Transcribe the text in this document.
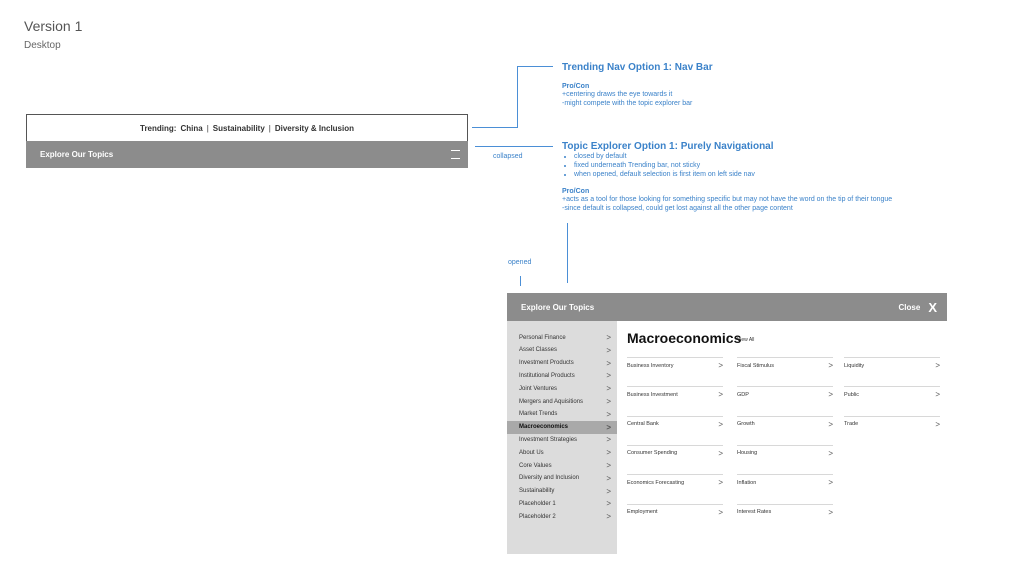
Version 1
Desktop
Trending: China | Sustainability | Diversity & Inclusion
Explore Our Topics	collapsed
opened
Trending Nav Option 1: Nav Bar
Pro/Con
+centering draws the eye towards it
-might compete with the topic explorer bar
Topic Explorer Option 1: Purely Navigational
• closed by default
• fixed underneath Trending bar, not sticky
• when opened, default selection is first item on left side nav
Pro/Con
+acts as a tool for those looking for something specific but may not have the word on the tip of their tongue
-since default is collapsed, could get lost against all the other page content
Explore Our Topics	Close X
Personal Finance	>
Asset Classes	>
Investment Products	>
Institutional Products	>
Joint Ventures	>
Mergers and Aquisitions	>
Market Trends	>
Macroeconomics	>
Investment Strategies	>
About Us	>
Core Values	>
Diversity and Inclusion	>
Sustainability	>
Placeholder 1	>
Placeholder 2	>
Macroeconomics
View All
Business Inventory	>
Business Investment	>
Central Bank	>
Consumer Spending	>
Economics Forecasting	>
Employment	>
Fiscal Stimulus	>
GDP	>
Growth	>
Housing	>
Inflation	>
Interest Rates	>
Liquidity	>
Public	>
Trade	>
